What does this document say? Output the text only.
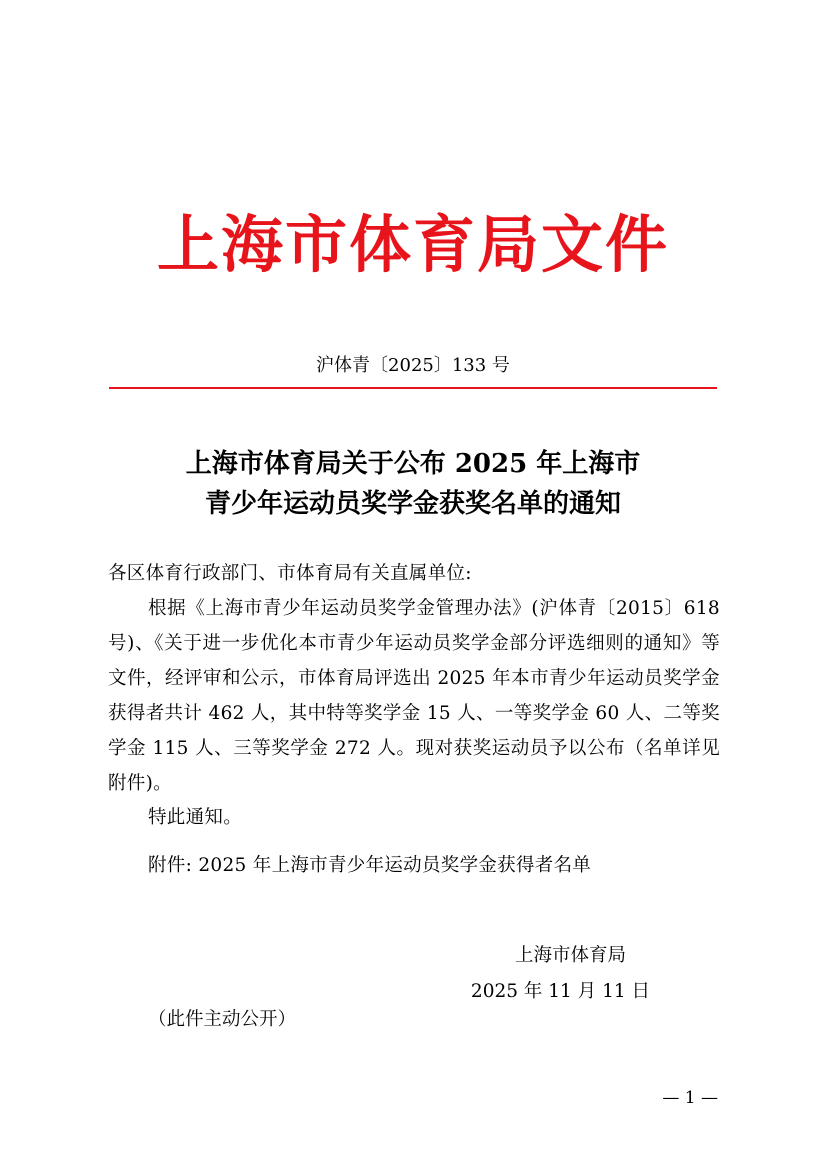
上海市体育局文件
沪体青〔2025〕133 号
上海市体育局关于公布 2025 年上海市
青少年运动员奖学金获奖名单的通知
各区体育行政部门、市体育局有关直属单位:
根据《上海市青少年运动员奖学金管理办法》(沪体青〔2015〕618 号)、《关于进一步优化本市青少年运动员奖学金部分评选细则的通知》等文件，经评审和公示，市体育局评选出 2025 年本市青少年运动员奖学金获得者共计 462 人，其中特等奖学金 15 人、一等奖学金 60 人、二等奖学金 115 人、三等奖学金 272 人。现对获奖运动员予以公布（名单详见附件)。
特此通知。
附件: 2025 年上海市青少年运动员奖学金获得者名单
上海市体育局
2025 年 11 月 11 日
（此件主动公开）
— 1 —
